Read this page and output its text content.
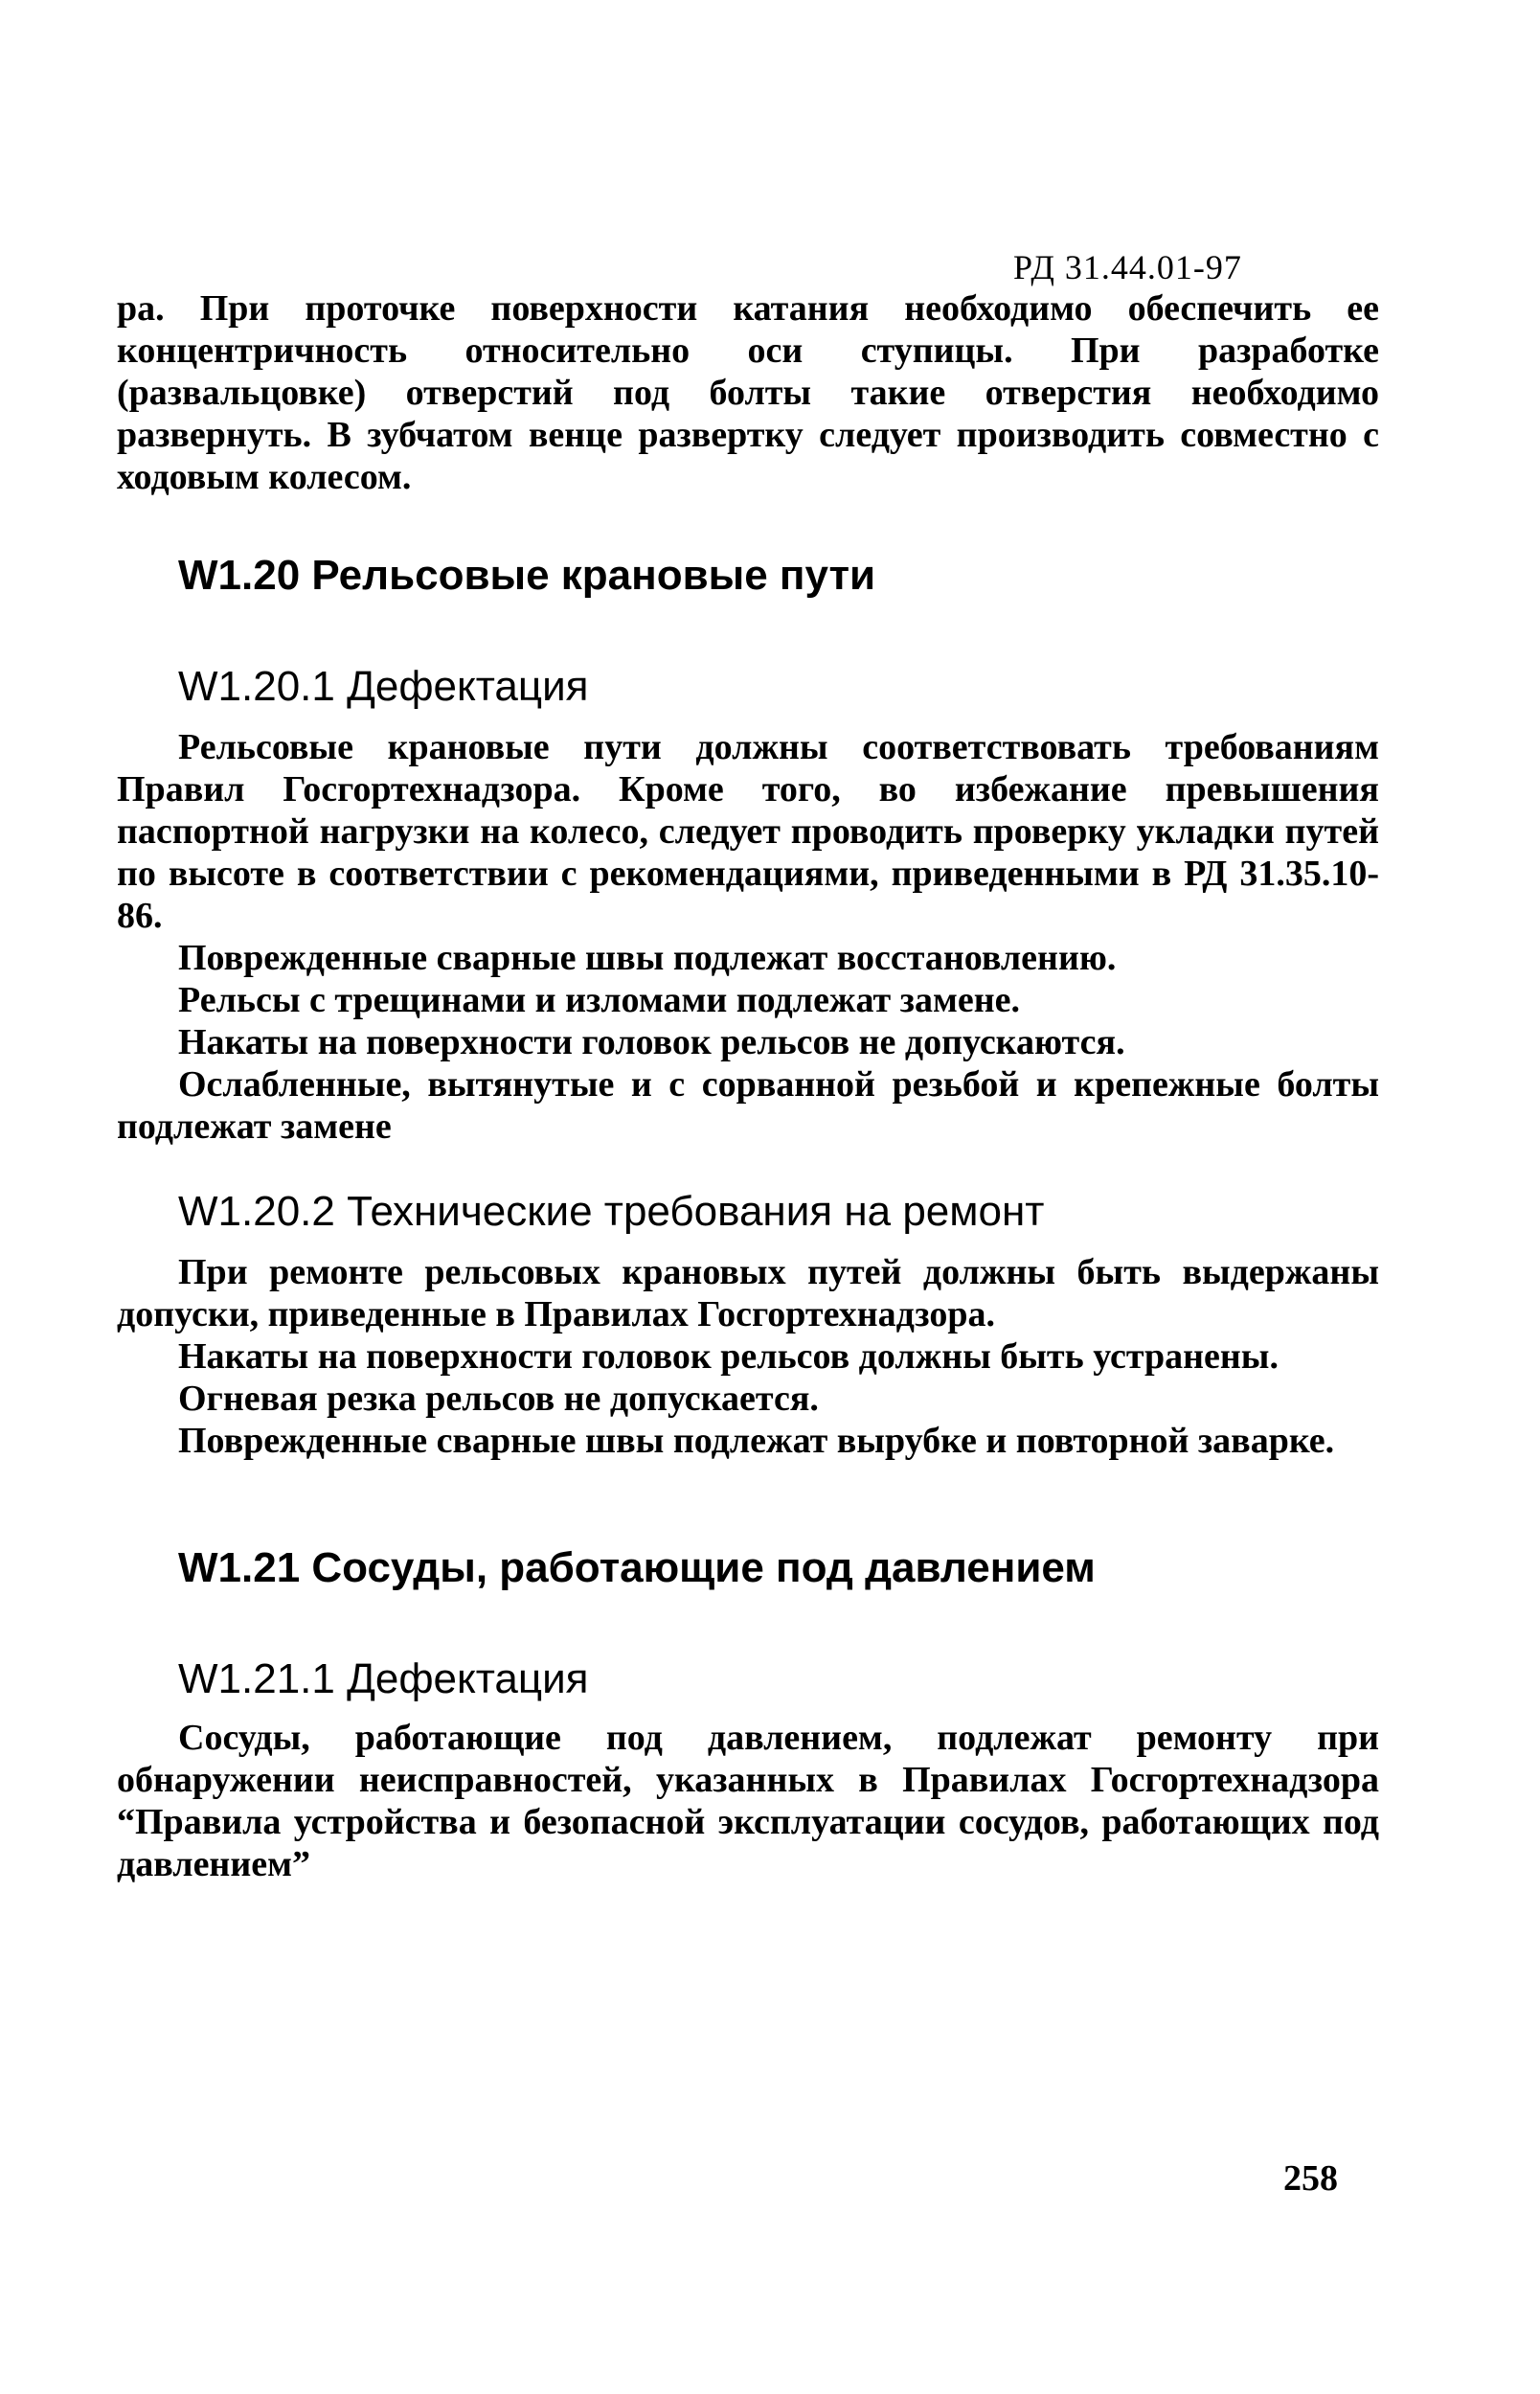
РД 31.44.01-97

ра. При проточке поверхности катания необходимо обеспечить ее концентричность относительно оси ступицы. При разработке (развальцовке) отверстий под болты такие отверстия необходимо развернуть. В зубчатом венце развертку следует производить совместно с ходовым колесом.

W1.20 Рельсовые крановые пути
W1.20.1 Дефектация

Рельсовые крановые пути должны соответствовать требованиям Правил Госгортехнадзора. Кроме того, во избежание превышения паспортной нагрузки на колесо, следует проводить проверку укладки путей по высоте в соответствии с рекомендациями, приведенными в РД 31.35.10-86.

Поврежденные сварные швы подлежат восстановлению.

Рельсы с трещинами и изломами подлежат замене.

Накаты на поверхности головок рельсов не допускаются.

Ослабленные, вытянутые и с сорванной резьбой и крепежные болты подлежат замене

W1.20.2 Технические требования на ремонт

При ремонте рельсовых крановых путей должны быть выдержаны допуски, приведенные в Правилах Госгортехнадзора.

Накаты на поверхности головок рельсов должны быть устранены.

Огневая резка рельсов не допускается.

Поврежденные сварные швы подлежат вырубке и повторной заварке.

W1.21 Сосуды, работающие под давлением
W1.21.1 Дефектация

Сосуды, работающие под давлением, подлежат ремонту при обнаружении неисправностей, указанных в Правилах Госгортехнадзора “Правила устройства и безопасной эксплуатации сосудов, работающих под давлением”

258
